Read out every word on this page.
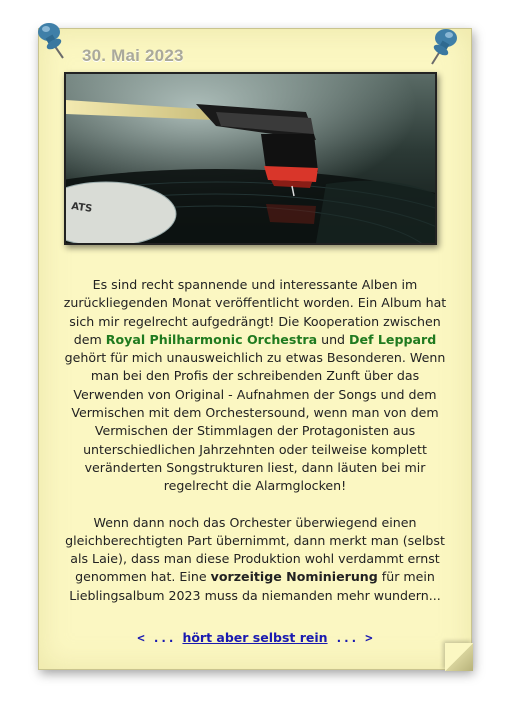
30. Mai 2023
ATS

Es sind recht spannende und interessante Alben im zurückliegenden Monat veröffentlicht worden. Ein Album hat sich mir regelrecht aufgedrängt! Die Kooperation zwischen dem Royal Philharmonic Orchestra und Def Leppard gehört für mich unausweichlich zu etwas Besonderen. Wenn man bei den Profis der schreibenden Zunft über das Verwenden von Original - Aufnahmen der Songs und dem Vermischen mit dem Orchestersound, wenn man von dem Vermischen der Stimmlagen der Protagonisten aus unterschiedlichen Jahrzehnten oder teilweise komplett veränderten Songstrukturen liest, dann läuten bei mir regelrecht die Alarmglocken!

Wenn dann noch das Orchester überwiegend einen gleichberechtigten Part übernimmt, dann merkt man (selbst als Laie), dass man diese Produktion wohl verdammt ernst genommen hat. Eine vorzeitige Nominierung für mein Lieblingsalbum 2023 muss da niemanden mehr wundern...

< ... hört aber selbst rein ... >
